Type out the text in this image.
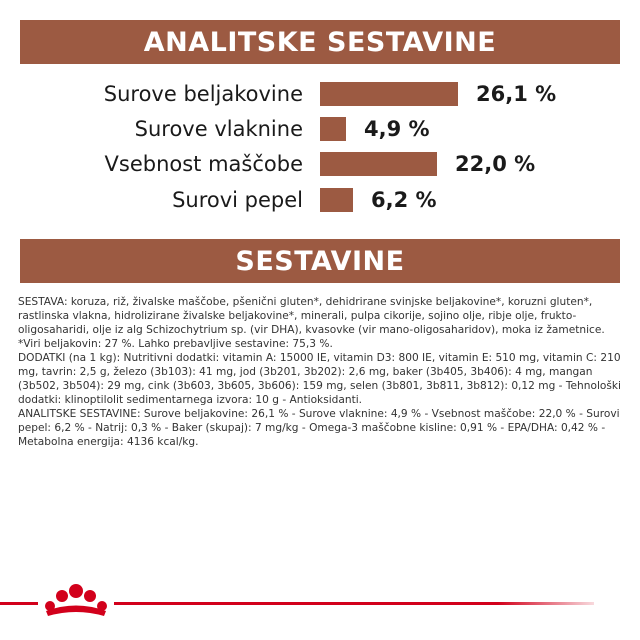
ANALITSKE SESTAVINE
Surove beljakovine	26,1 %
Surove vlaknine	4,9 %
Vsebnost maščobe	22,0 %
Surovi pepel	6,2 %
SESTAVINE

SESTAVA: koruza, riž, živalske maščobe, pšenični gluten*, dehidrirane svinjske beljakovine*, koruzni gluten*, rastlinska vlakna, hidrolizirane živalske beljakovine*, minerali, pulpa cikorije, sojino olje, ribje olje, frukto-oligosaharidi, olje iz alg Schizochytrium sp. (vir DHA), kvasovke (vir mano-oligosaharidov), moka iz žametnice. *Viri beljakovin: 27 %. Lahko prebavljive sestavine: 75,3 %.

DODATKI (na 1 kg): Nutritivni dodatki: vitamin A: 15000 IE, vitamin D3: 800 IE, vitamin E: 510 mg, vitamin C: 210 mg, tavrin: 2,5 g, železo (3b103): 41 mg, jod (3b201, 3b202): 2,6 mg, baker (3b405, 3b406): 4 mg, mangan (3b502, 3b504): 29 mg, cink (3b603, 3b605, 3b606): 159 mg, selen (3b801, 3b811, 3b812): 0,12 mg - Tehnološki dodatki: klinoptilolit sedimentarnega izvora: 10 g - Antioksidanti.

ANALITSKE SESTAVINE: Surove beljakovine: 26,1 % - Surove vlaknine: 4,9 % - Vsebnost maščobe: 22,0 % - Surovi pepel: 6,2 % - Natrij: 0,3 % - Baker (skupaj): 7 mg/kg - Omega-3 maščobne kisline: 0,91 % - EPA/DHA: 0,42 % - Metabolna energija: 4136 kcal/kg.
